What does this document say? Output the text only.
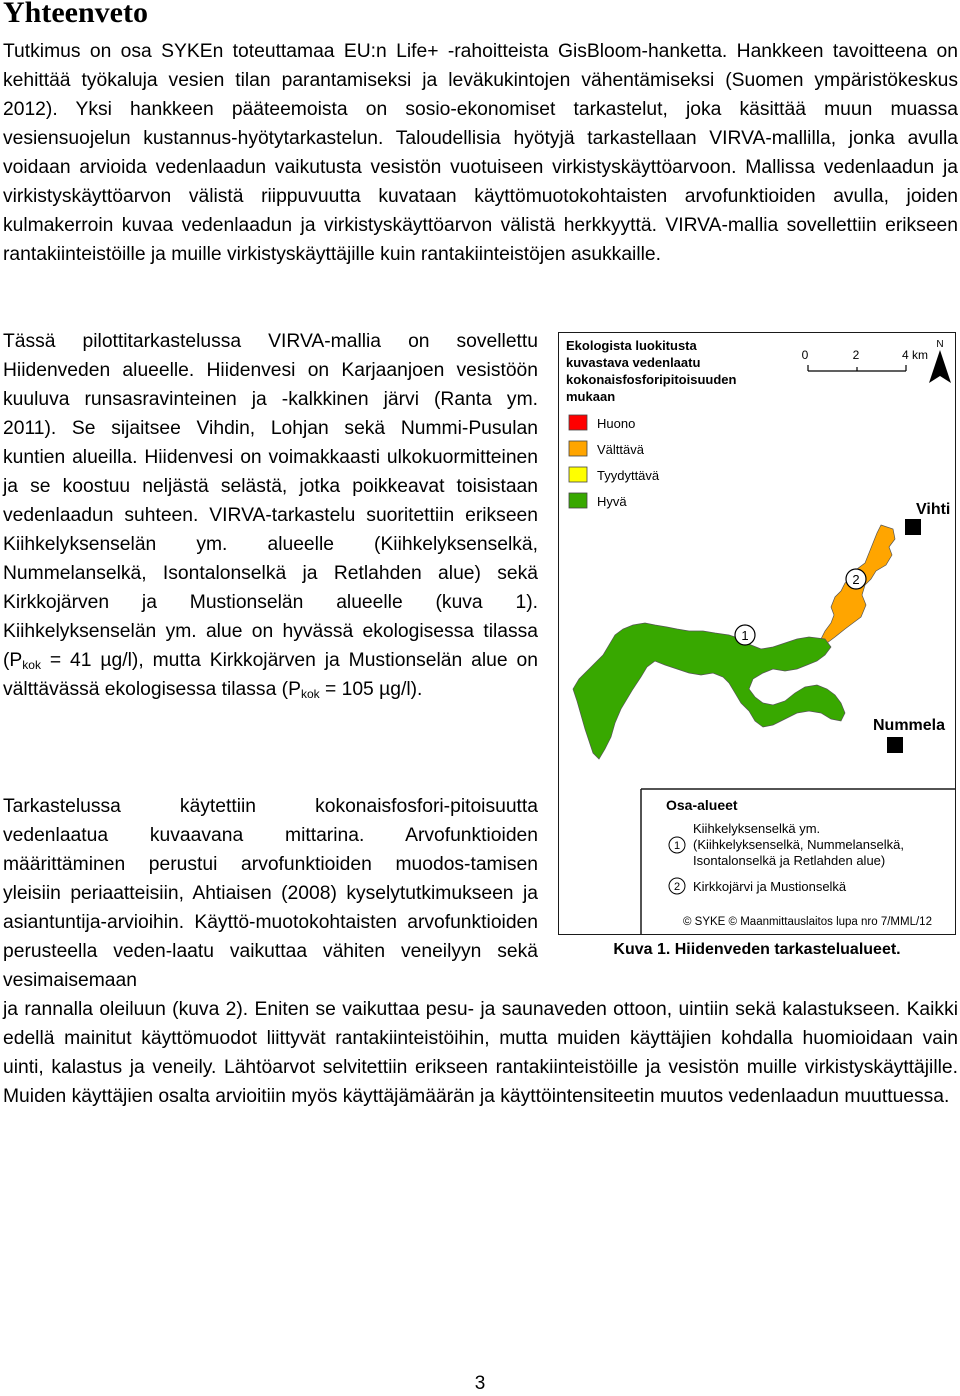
Yhteenveto

Tutkimus on osa SYKEn toteuttamaa EU:n Life+ -rahoitteista GisBloom-hanketta. Hankkeen tavoitteena on kehittää työkaluja vesien tilan parantamiseksi ja leväkukintojen vähentämiseksi (Suomen ympäristökeskus 2012). Yksi hankkeen pääteemoista on sosio-ekonomiset tarkastelut, joka käsittää muun muassa vesiensuojelun kustannus-hyötytarkastelun. Taloudellisia hyötyjä tarkastellaan VIRVA-mallilla, jonka avulla voidaan arvioida vedenlaadun vaikutusta vesistön vuotuiseen virkistyskäyttöarvoon. Mallissa vedenlaadun ja virkistyskäyttöarvon välistä riippuvuutta kuvataan käyttömuotokohtaisten arvofunktioiden avulla, joiden kulmakerroin kuvaa vedenlaadun ja virkistyskäyttöarvon välistä herkkyyttä. VIRVA-mallia sovellettiin erikseen rantakiinteistöille ja muille virkistyskäyttäjille kuin rantakiinteistöjen asukkaille.

Tässä pilottitarkastelussa VIRVA-mallia on sovellettu Hiidenveden alueelle. Hiidenvesi on Karjaanjoen vesistöön kuuluva runsasravinteinen ja -kalkkinen järvi (Ranta ym. 2011). Se sijaitsee Vihdin, Lohjan sekä Nummi-Pusulan kuntien alueilla. Hiidenvesi on voimakkaasti ulkokuormitteinen ja se koostuu neljästä selästä, jotka poikkeavat toisistaan vedenlaadun suhteen. VIRVA-tarkastelu suoritettiin erikseen Kiihkelyksenselän ym. alueelle (Kiihkelyksenselkä, Nummelanselkä, Isontalonselkä ja Retlahden alue) sekä Kirkkojärven ja Mustionselän alueelle (kuva 1). Kiihkelyksenselän ym. alue on hyvässä ekologisessa tilassa ($P_{kok} = 41$ µg/l), mutta Kirkkojärven ja Mustionselän alue on välttävässä ekologisessa tilassa ($P_{kok} = 105$ µg/l).

Tarkastelussa käytettiin kokonaisfosfori-pitoisuutta vedenlaatua kuvaavana mittarina. Arvofunktioiden määrittäminen perustui arvofunktioiden muodos-tamisen yleisiin periaatteisiin, Ahtiaisen (2008) kyselytutkimukseen ja asiantuntija-arvioihin. Käyttö-muotokohtaisten arvofunktioiden perusteella veden-laatu vaikuttaa vähiten veneilyyn sekä vesimaisemaan

ja rannalla oleiluun (kuva 2). Eniten se vaikuttaa pesu- ja saunaveden ottoon, uintiin sekä kalastukseen. Kaikki edellä mainitut käyttömuodot liittyvät rantakiinteistöihin, mutta muiden käyttäjien kohdalla huomioidaan vain uinti, kalastus ja veneily. Lähtöarvot selvitettiin erikseen rantakiinteistöille ja vesistön muille virkistyskäyttäjille. Muiden käyttäjien osalta arvioitiin myös käyttäjämäärän ja käyttöintensiteetin muutos vedenlaadun muuttuessa.

Ekologista luokitusta kuvastava vedenlaatu kokonaisfosforipitoisuuden mukaan
Huono
Välttävä
Tyydyttävä
Hyvä
0	2	4 km
N
Vihti
Nummela
1
2
Osa-alueet
Kiihkelyksenselkä ym. (Kiihkelyksenselkä, Nummelanselkä, Isontalonselkä ja Retlahden alue)
1
2 Kirkkojärvi ja Mustionselkä
© SYKE © Maanmittauslaitos lupa nro 7/MML/12
Kuva 1. Hiidenveden tarkastelualueet.
3
